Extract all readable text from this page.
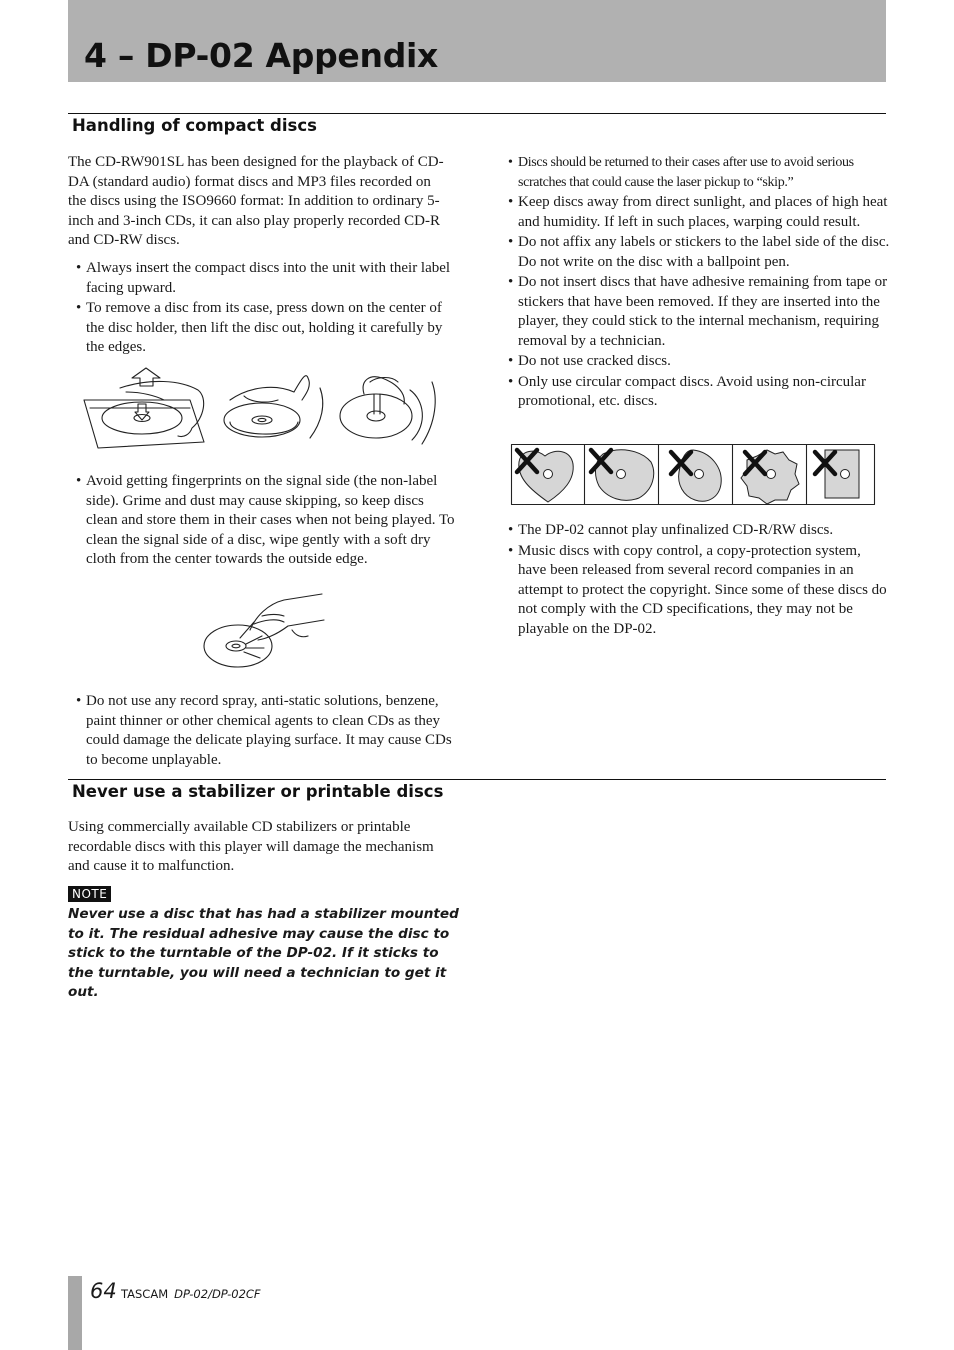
4 – DP-02 Appendix
Handling of compact discs

The CD-RW901SL has been designed for the playback of CD-DA (standard audio) format discs and MP3 files recorded on the discs using the ISO9660 format: In addition to ordinary 5-inch and 3-inch CDs, it can also play properly recorded CD-R and CD-RW discs.

• Always insert the compact discs into the unit with their label facing upward.
• To remove a disc from its case, press down on the center of the disc holder, then lift the disc out, holding it carefully by the edges.
• Avoid getting fingerprints on the signal side (the non-label side). Grime and dust may cause skipping, so keep discs clean and store them in their cases when not being played. To clean the signal side of a disc, wipe gently with a soft dry cloth from the center towards the outside edge.
• Do not use any record spray, anti-static solutions, benzene, paint thinner or other chemical agents to clean CDs as they could damage the delicate playing surface. It may cause CDs to become unplayable.
• Discs should be returned to their cases after use to avoid serious scratches that could cause the laser pickup to “skip.”
• Keep discs away from direct sunlight, and places of high heat and humidity. If left in such places, warping could result.
• Do not affix any labels or stickers to the label side of the disc. Do not write on the disc with a ballpoint pen.
• Do not insert discs that have adhesive remaining from tape or stickers that have been removed. If they are inserted into the player, they could stick to the internal mechanism, requiring removal by a technician.
• Do not use cracked discs.
• Only use circular compact discs. Avoid using non-circular promotional, etc. discs.
• The DP-02 cannot play unfinalized CD-R/RW discs.
• Music discs with copy control, a copy-protection system, have been released from several record companies in an attempt to protect the copyright. Since some of these discs do not comply with the CD specifications, they may not be playable on the DP-02.
Never use a stabilizer or printable discs

Using commercially available CD stabilizers or printable recordable discs with this player will damage the mechanism and cause it to malfunction.

NOTE

Never use a disc that has had a stabilizer mounted to it. The residual adhesive may cause the disc to stick to the turntable of the DP-02. If it sticks to the turntable, you will need a technician to get it out.

64 TASCAM DP-02/DP-02CF
